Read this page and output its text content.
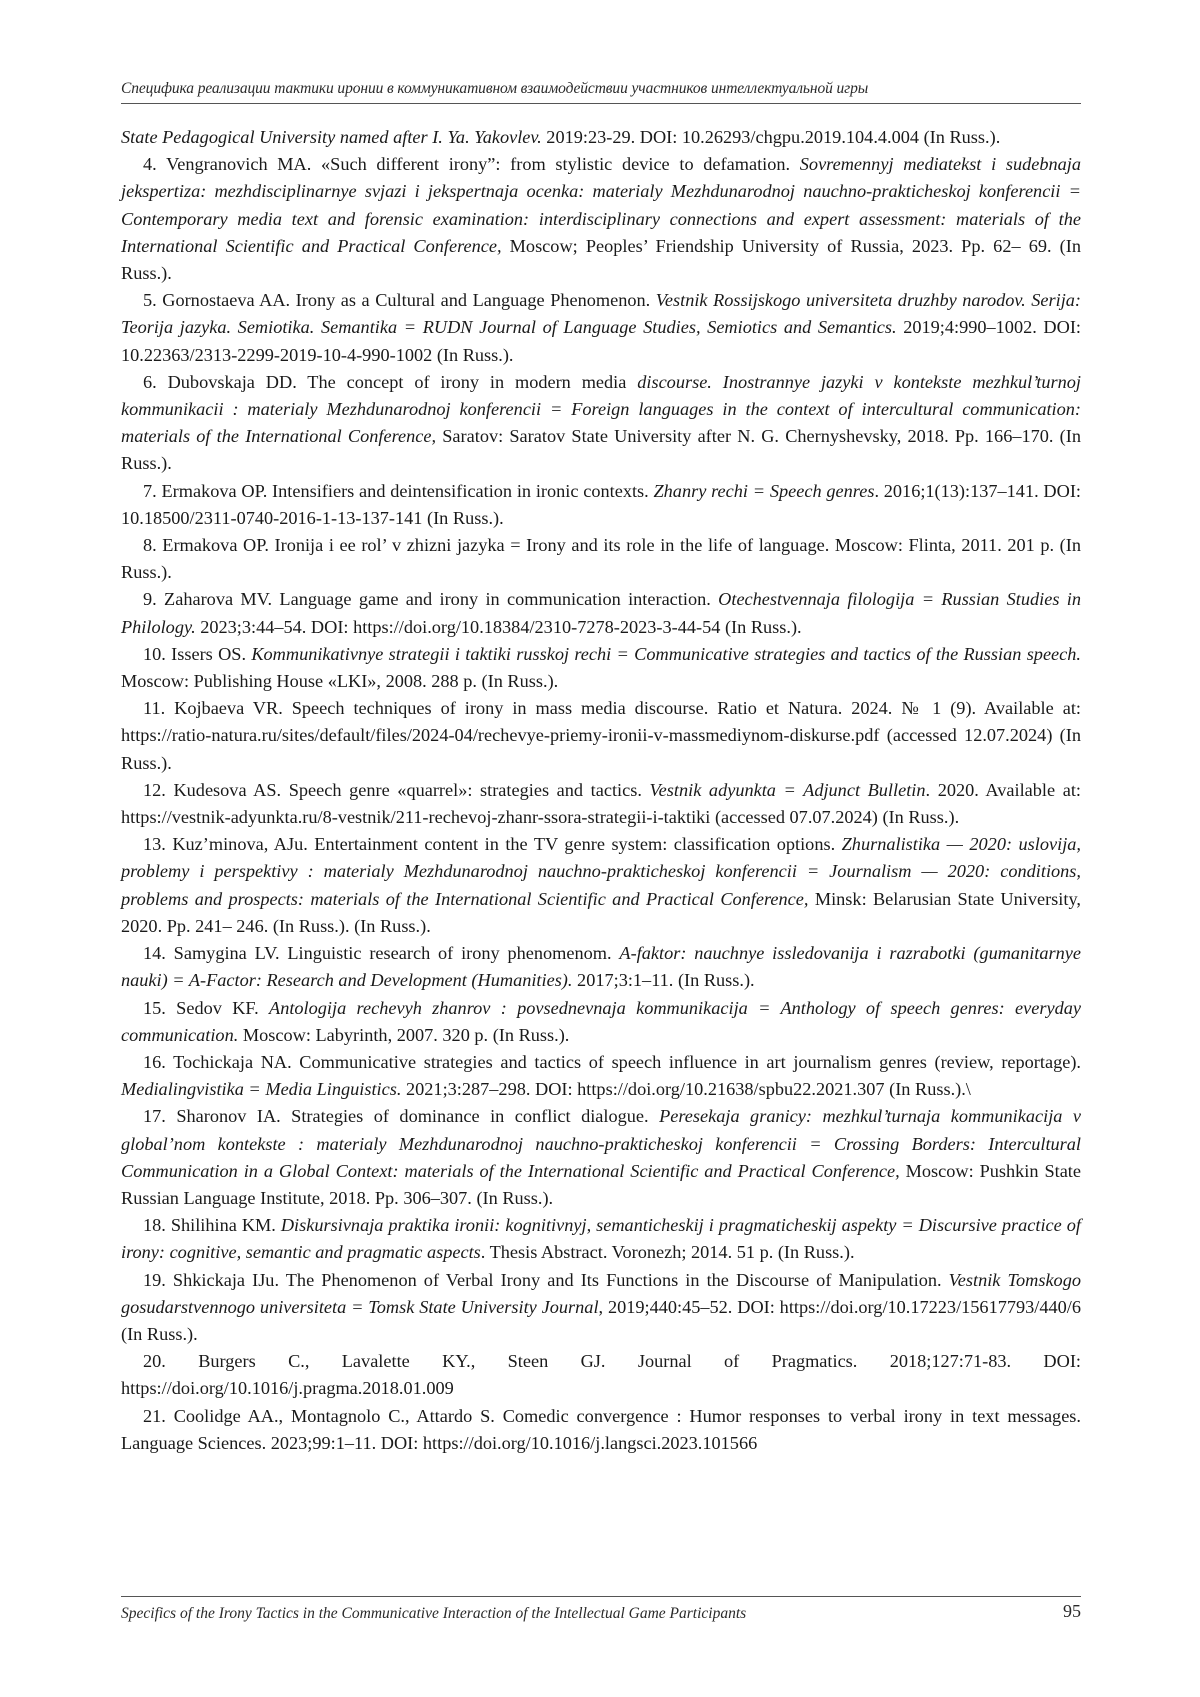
Специфика реализации тактики иронии в коммуникативном взаимодействии участников интеллектуальной игры

State Pedagogical University named after I. Ya. Yakovlev. 2019:23-29. DOI: 10.26293/chgpu.2019.104.4.004 (In Russ.).

4. Vengranovich MA. «Such different irony”: from stylistic device to defamation. Sovremennyj mediatekst i sudebnaja jekspertiza: mezhdisciplinarnye svjazi i jekspertnaja ocenka: materialy Mezhdunarodnoj nauchno-prakticheskoj konferencii = Contemporary media text and forensic examination: interdisciplinary connections and expert assessment: materials of the International Scientific and Practical Conference, Moscow; Peoples’ Friendship University of Russia, 2023. Pp. 62– 69. (In Russ.).

5. Gornostaeva AA. Irony as a Cultural and Language Phenomenon. Vestnik Rossijskogo universiteta druzhby narodov. Serija: Teorija jazyka. Semiotika. Semantika = RUDN Journal of Language Studies, Semiotics and Semantics. 2019;4:990–1002. DOI: 10.22363/2313-2299-2019-10-4-990-1002 (In Russ.).

6. Dubovskaja DD. The concept of irony in modern media discourse. Inostrannye jazyki v kontekste mezhkul’turnoj kommunikacii : materialy Mezhdunarodnoj konferencii = Foreign languages in the context of intercultural communication: materials of the International Conference, Saratov: Saratov State University after N. G. Chernyshevsky, 2018. Pp. 166–170. (In Russ.).

7. Ermakova OP. Intensifiers and deintensification in ironic contexts. Zhanry rechi = Speech genres. 2016;1(13):137–141. DOI: 10.18500/2311-0740-2016-1-13-137-141 (In Russ.).

8. Ermakova OP. Ironija i ee rol’ v zhizni jazyka = Irony and its role in the life of language. Moscow: Flinta, 2011. 201 p. (In Russ.).

9. Zaharova MV. Language game and irony in communication interaction. Otechestvennaja filologija = Russian Studies in Philology. 2023;3:44–54. DOI: https://doi.org/10.18384/2310-7278-2023-3-44-54 (In Russ.).

10. Issers OS. Kommunikativnye strategii i taktiki russkoj rechi = Communicative strategies and tactics of the Russian speech. Moscow: Publishing House «LKI», 2008. 288 p. (In Russ.).

11. Kojbaeva VR. Speech techniques of irony in mass media discourse. Ratio et Natura. 2024. № 1 (9). Available at: https://ratio-natura.ru/sites/default/files/2024-04/rechevye-priemy-ironii-v-massmediynom-diskurse.pdf (accessed 12.07.2024) (In Russ.).

12. Kudesova AS. Speech genre «quarrel»: strategies and tactics. Vestnik adyunkta = Adjunct Bulletin. 2020. Available at: https://vestnik-adyunkta.ru/8-vestnik/211-rechevoj-zhanr-ssora-strategii-i-taktiki (accessed 07.07.2024) (In Russ.).

13. Kuz’minova, AJu. Entertainment content in the TV genre system: classification options. Zhurnalistika — 2020: uslovija, problemy i perspektivy : materialy Mezhdunarodnoj nauchno-prakticheskoj konferencii = Journalism — 2020: conditions, problems and prospects: materials of the International Scientific and Practical Conference, Minsk: Belarusian State University, 2020. Pp. 241– 246. (In Russ.). (In Russ.).

14. Samygina LV. Linguistic research of irony phenomenom. A-faktor: nauchnye issledovanija i razrabotki (gumanitarnye nauki) = A-Factor: Research and Development (Humanities). 2017;3:1–11. (In Russ.).

15. Sedov KF. Antologija rechevyh zhanrov : povsednevnaja kommunikacija = Anthology of speech genres: everyday communication. Moscow: Labyrinth, 2007. 320 p. (In Russ.).

16. Tochickaja NA. Communicative strategies and tactics of speech influence in art journalism genres (review, reportage). Medialingvistika = Media Linguistics. 2021;3:287–298. DOI: https://doi.org/10.21638/spbu22.2021.307 (In Russ.).\

17. Sharonov IA. Strategies of dominance in conflict dialogue. Peresekaja granicy: mezhkul’turnaja kommunikacija v global’nom kontekste : materialy Mezhdunarodnoj nauchno-prakticheskoj konferencii = Crossing Borders: Intercultural Communication in a Global Context: materials of the International Scientific and Practical Conference, Moscow: Pushkin State Russian Language Institute, 2018. Pp. 306–307. (In Russ.).

18. Shilihina KM. Diskursivnaja praktika ironii: kognitivnyj, semanticheskij i pragmaticheskij aspekty = Discursive practice of irony: cognitive, semantic and pragmatic aspects. Thesis Abstract. Voronezh; 2014. 51 p. (In Russ.).

19. Shkickaja IJu. The Phenomenon of Verbal Irony and Its Functions in the Discourse of Manipulation. Vestnik Tomskogo gosudarstvennogo universiteta = Tomsk State University Journal, 2019;440:45–52. DOI: https://doi.org/10.17223/15617793/440/6 (In Russ.).

20. Burgers C., Lavalette KY., Steen GJ. Journal of Pragmatics. 2018;127:71-83. DOI: https://doi.org/10.1016/j.pragma.2018.01.009

21. Coolidge AA., Montagnolo C., Attardo S. Comedic convergence : Humor responses to verbal irony in text messages. Language Sciences. 2023;99:1–11. DOI: https://doi.org/10.1016/j.langsci.2023.101566

Specifics of the Irony Tactics in the Communicative Interaction of the Intellectual Game Participants	95
